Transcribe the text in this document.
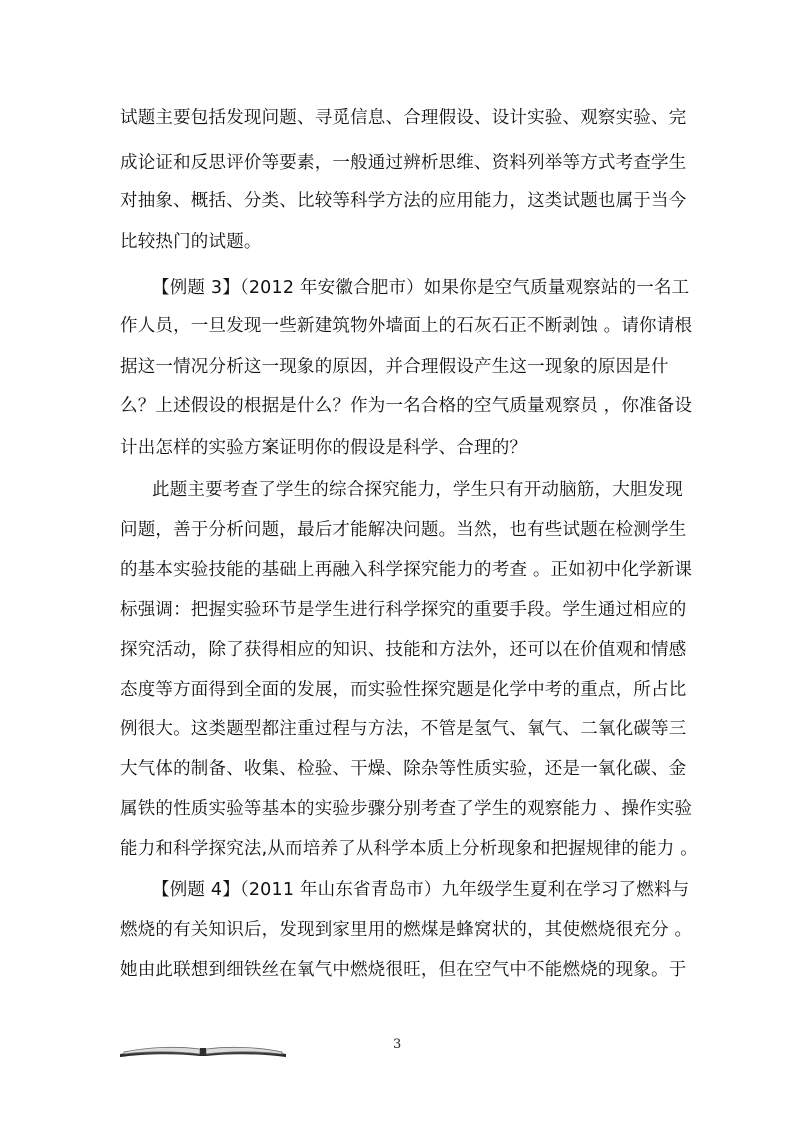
试题主要包括发现问题、寻觅信息、合理假设、设计实验、观察实验、完
成论证和反思评价等要素，一般通过辨析思维、资料列举等方式考查学生
对抽象、概括、分类、比较等科学方法的应用能力，这类试题也属于当今
比较热门的试题。
【例题 3】（2012 年安徽合肥市）如果你是空气质量观察站的一名工
作人员，一旦发现一些新建筑物外墙面上的石灰石正不断剥蚀 。请你请根
据这一情况分析这一现象的原因，并合理假设产生这一现象的原因是什
么？上述假设的根据是什么？作为一名合格的空气质量观察员 ，你准备设
计出怎样的实验方案证明你的假设是科学、合理的？
此题主要考查了学生的综合探究能力，学生只有开动脑筋，大胆发现
问题，善于分析问题，最后才能解决问题。当然，也有些试题在检测学生
的基本实验技能的基础上再融入科学探究能力的考查 。正如初中化学新课
标强调：把握实验环节是学生进行科学探究的重要手段。学生通过相应的
探究活动，除了获得相应的知识、技能和方法外，还可以在价值观和情感
态度等方面得到全面的发展，而实验性探究题是化学中考的重点，所占比
例很大。这类题型都注重过程与方法，不管是氢气、氧气、二氧化碳等三
大气体的制备、收集、检验、干燥、除杂等性质实验，还是一氧化碳、金
属铁的性质实验等基本的实验步骤分别考查了学生的观察能力 、操作实验
能力和科学探究法,从而培养了从科学本质上分析现象和把握规律的能力 。
【例题 4】（2011 年山东省青岛市）九年级学生夏利在学习了燃料与
燃烧的有关知识后，发现到家里用的燃煤是蜂窝状的，其使燃烧很充分 。
她由此联想到细铁丝在氧气中燃烧很旺，但在空气中不能燃烧的现象。于
3
